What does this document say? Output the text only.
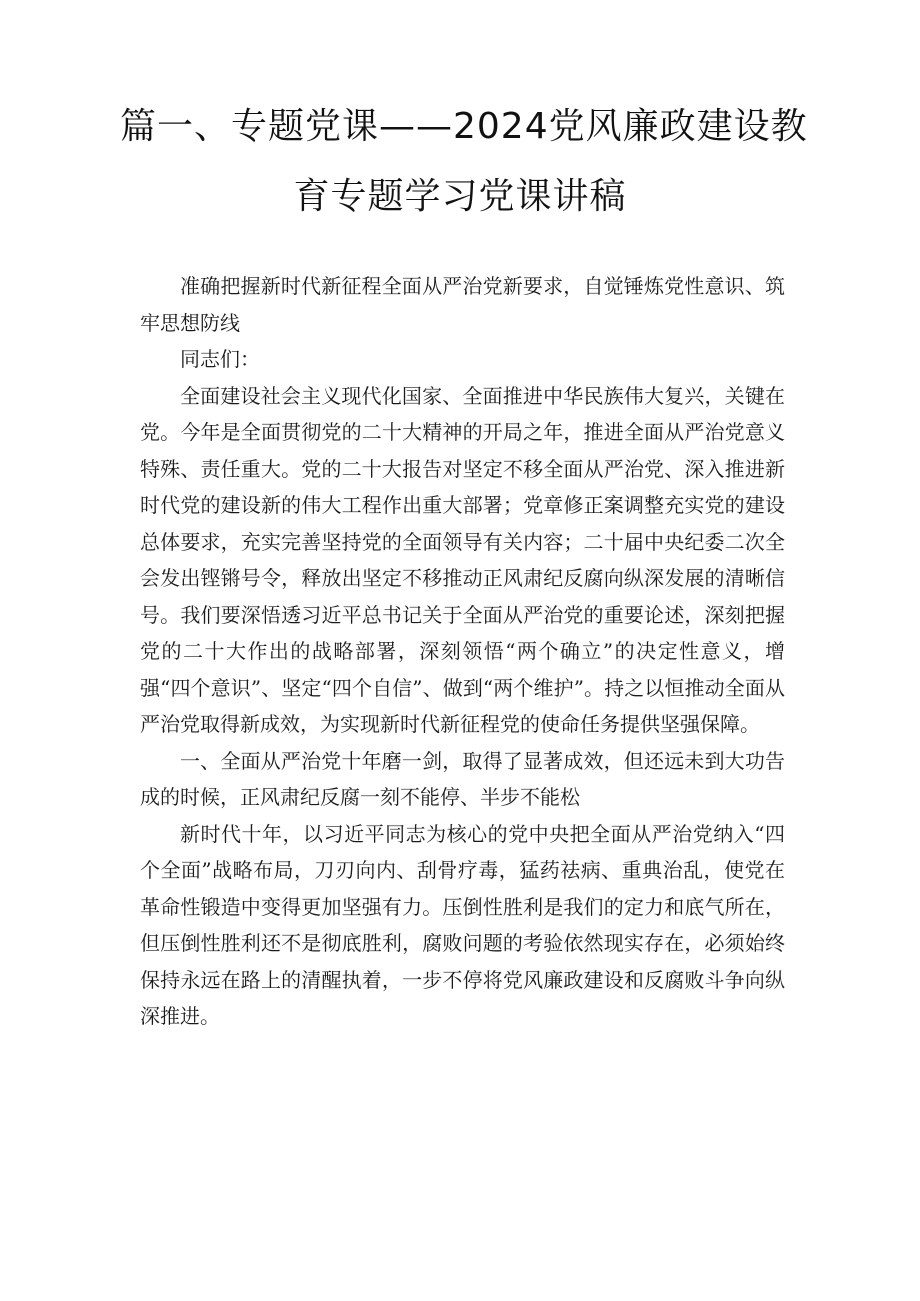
篇一、专题党课——2024党风廉政建设教
育专题学习党课讲稿

准确把握新时代新征程全面从严治党新要求，自觉锤炼党性意识、筑牢思想防线

同志们：

全面建设社会主义现代化国家、全面推进中华民族伟大复兴，关键在党。今年是全面贯彻党的二十大精神的开局之年，推进全面从严治党意义特殊、责任重大。党的二十大报告对坚定不移全面从严治党、深入推进新时代党的建设新的伟大工程作出重大部署；党章修正案调整充实党的建设总体要求，充实完善坚持党的全面领导有关内容；二十届中央纪委二次全会发出铿锵号令，释放出坚定不移推动正风肃纪反腐向纵深发展的清晰信号。我们要深悟透习近平总书记关于全面从严治党的重要论述，深刻把握党的二十大作出的战略部署，深刻领悟“两个确立”的决定性意义，增强“四个意识”、坚定“四个自信”、做到“两个维护”。持之以恒推动全面从严治党取得新成效，为实现新时代新征程党的使命任务提供坚强保障。

一、全面从严治党十年磨一剑，取得了显著成效，但还远未到大功告成的时候，正风肃纪反腐一刻不能停、半步不能松

新时代十年，以习近平同志为核心的党中央把全面从严治党纳入“四个全面”战略布局，刀刃向内、刮骨疗毒，猛药祛病、重典治乱，使党在革命性锻造中变得更加坚强有力。压倒性胜利是我们的定力和底气所在，但压倒性胜利还不是彻底胜利，腐败问题的考验依然现实存在，必须始终保持永远在路上的清醒执着，一步不停将党风廉政建设和反腐败斗争向纵深推进。
